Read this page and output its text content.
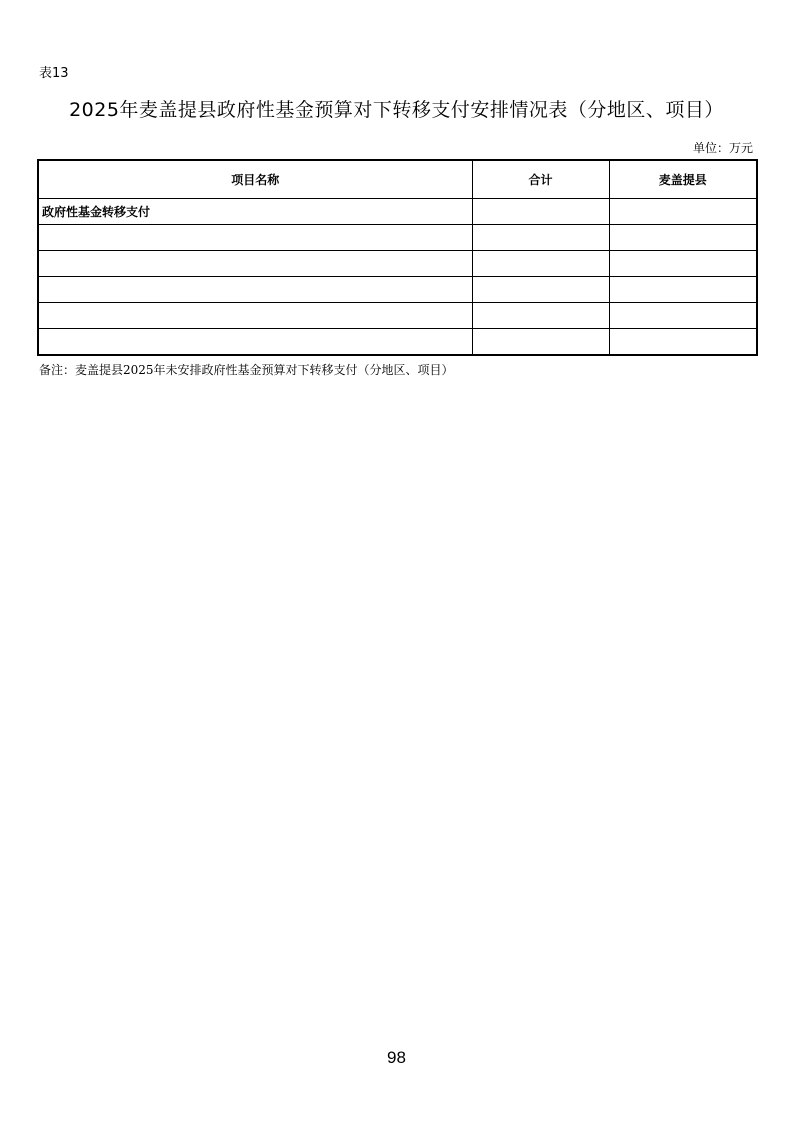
表13
2025年麦盖提县政府性基金预算对下转移支付安排情况表（分地区、项目）
单位：万元
项目名称	合计	麦盖提县
政府性基金转移支付		

备注：麦盖提县2025年未安排政府性基金预算对下转移支付（分地区、项目）
98
